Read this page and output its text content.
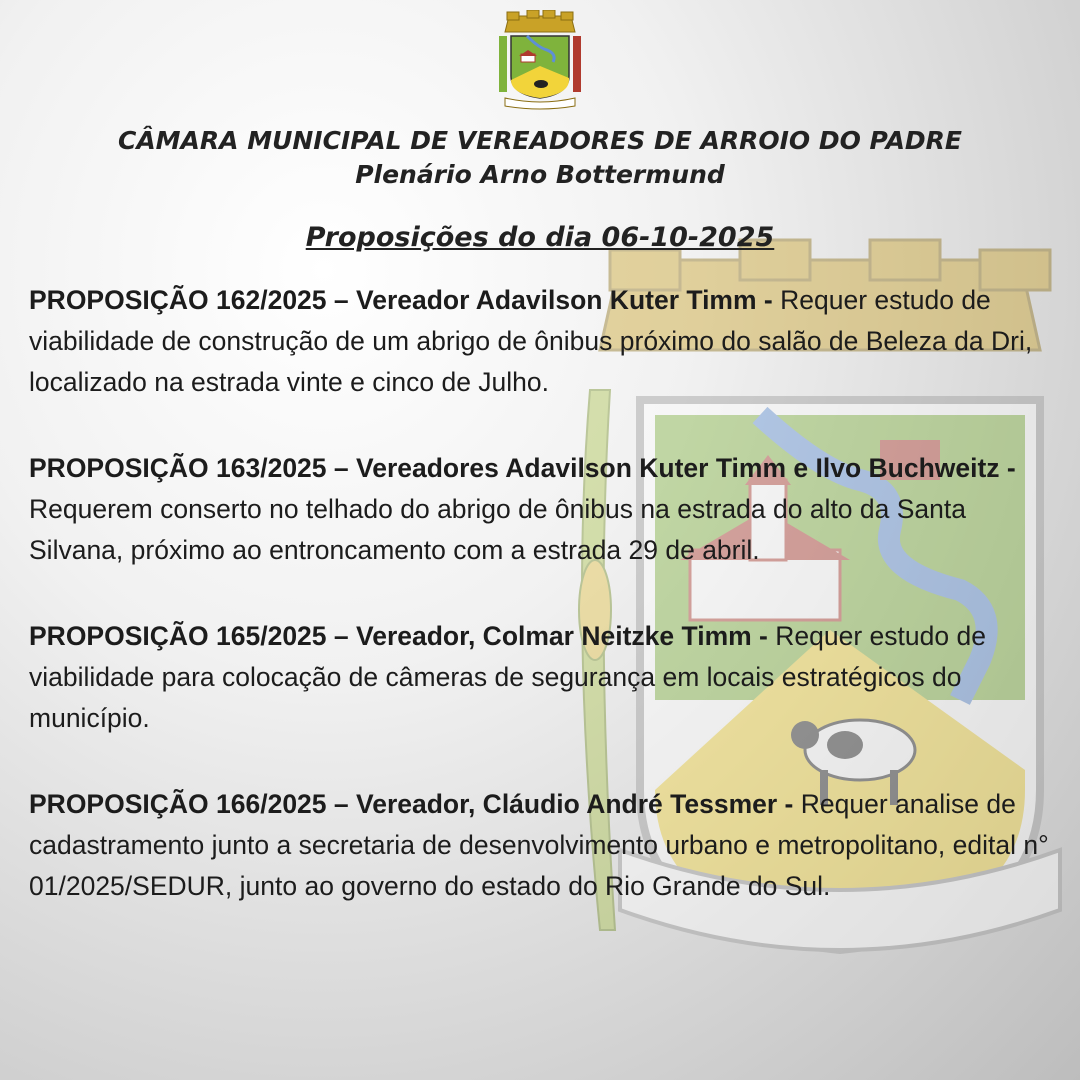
CÂMARA MUNICIPAL DE VEREADORES DE ARROIO DO PADRE
Plenário Arno Bottermund
Proposições do dia 06-10-2025

PROPOSIÇÃO 162/2025 – Vereador Adavilson Kuter Timm - Requer estudo de viabilidade de construção de um abrigo de ônibus próximo do salão de Beleza da Dri, localizado na estrada vinte e cinco de Julho.

PROPOSIÇÃO 163/2025 – Vereadores Adavilson Kuter Timm e Ilvo Buchweitz - Requerem conserto no telhado do abrigo de ônibus na estrada do alto da Santa Silvana, próximo ao entroncamento com a estrada 29 de abril.

PROPOSIÇÃO 165/2025 – Vereador, Colmar Neitzke Timm - Requer estudo de viabilidade para colocação de câmeras de segurança em locais estratégicos do município.

PROPOSIÇÃO 166/2025 – Vereador, Cláudio André Tessmer - Requer analise de cadastramento junto a secretaria de desenvolvimento urbano e metropolitano, edital n° 01/2025/SEDUR, junto ao governo do estado do Rio Grande do Sul.
